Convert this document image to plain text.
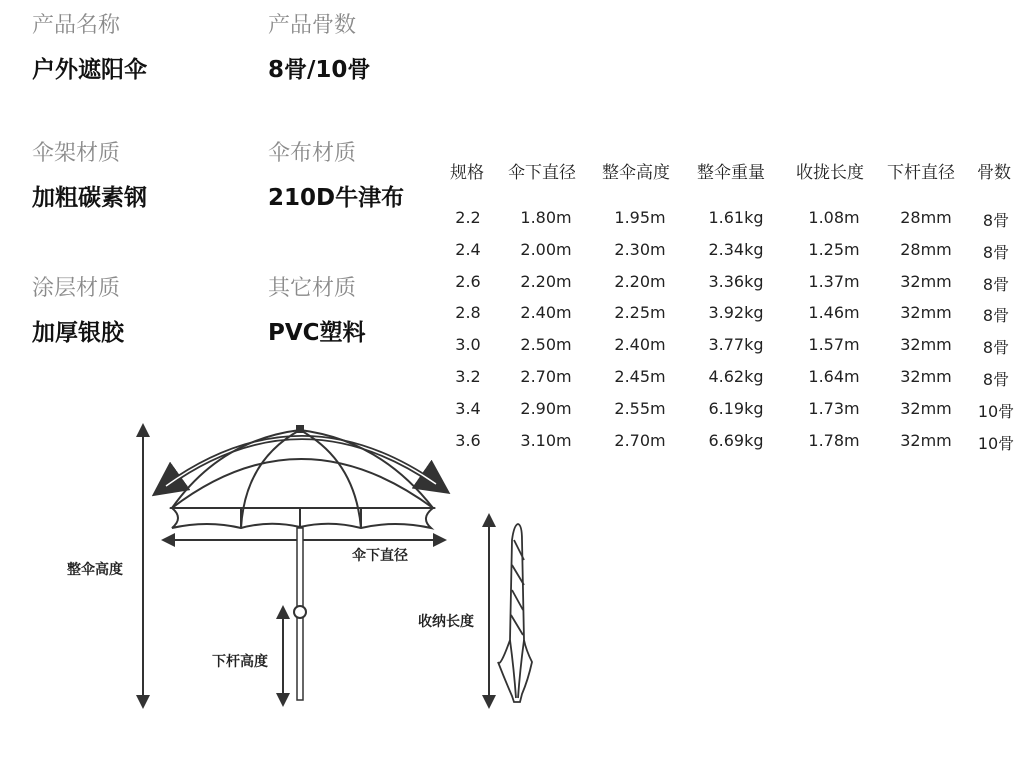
产品名称
户外遮阳伞
产品骨数
8骨/10骨
伞架材质
加粗碳素钢
伞布材质
210D牛津布
涂层材质
加厚银胶
其它材质
PVC塑料
规格 伞下直径 整伞高度 整伞重量 收拢长度 下杆直径 骨数
2.2 1.80m	1.95m	1.61kg	1.08m	28mm 8骨
2.4 2.00m	2.30m	2.34kg	1.25m	28mm 8骨
2.6 2.20m	2.20m	3.36kg	1.37m	32mm 8骨
2.8 2.40m	2.25m	3.92kg	1.46m	32mm 8骨
3.0 2.50m	2.40m	3.77kg	1.57m	32mm 8骨
3.2 2.70m	2.45m	4.62kg	1.64m	32mm 8骨
3.4 2.90m	2.55m	6.19kg	1.73m	32mm 10骨
3.6 3.10m	2.70m	6.69kg	1.78m	32mm 10骨
整伞高度
伞下直径
下杆高度
收纳长度
